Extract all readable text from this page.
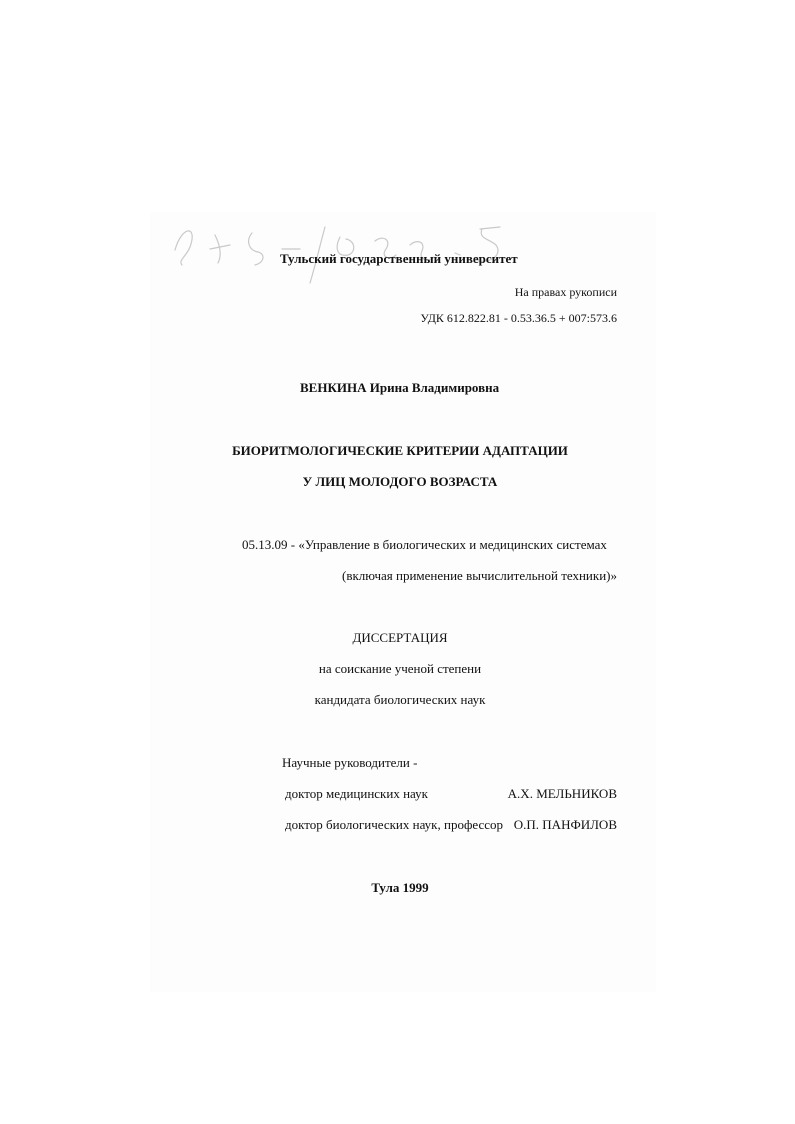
Тульский государственный университет
На правах рукописи
УДК 612.822.81 - 0.53.36.5 + 007:573.6
ВЕНКИНА Ирина Владимировна
БИОРИТМОЛОГИЧЕСКИЕ КРИТЕРИИ АДАПТАЦИИ
У ЛИЦ МОЛОДОГО ВОЗРАСТА
05.13.09 - «Управление в биологических и медицинских системах
(включая применение вычислительной техники)»
ДИССЕРТАЦИЯ
на соискание ученой степени
кандидата биологических наук
Научные руководители -
доктор медицинских наук	А.Х. МЕЛЬНИКОВ
доктор биологических наук, профессор О.П. ПАНФИЛОВ
Тула 1999
